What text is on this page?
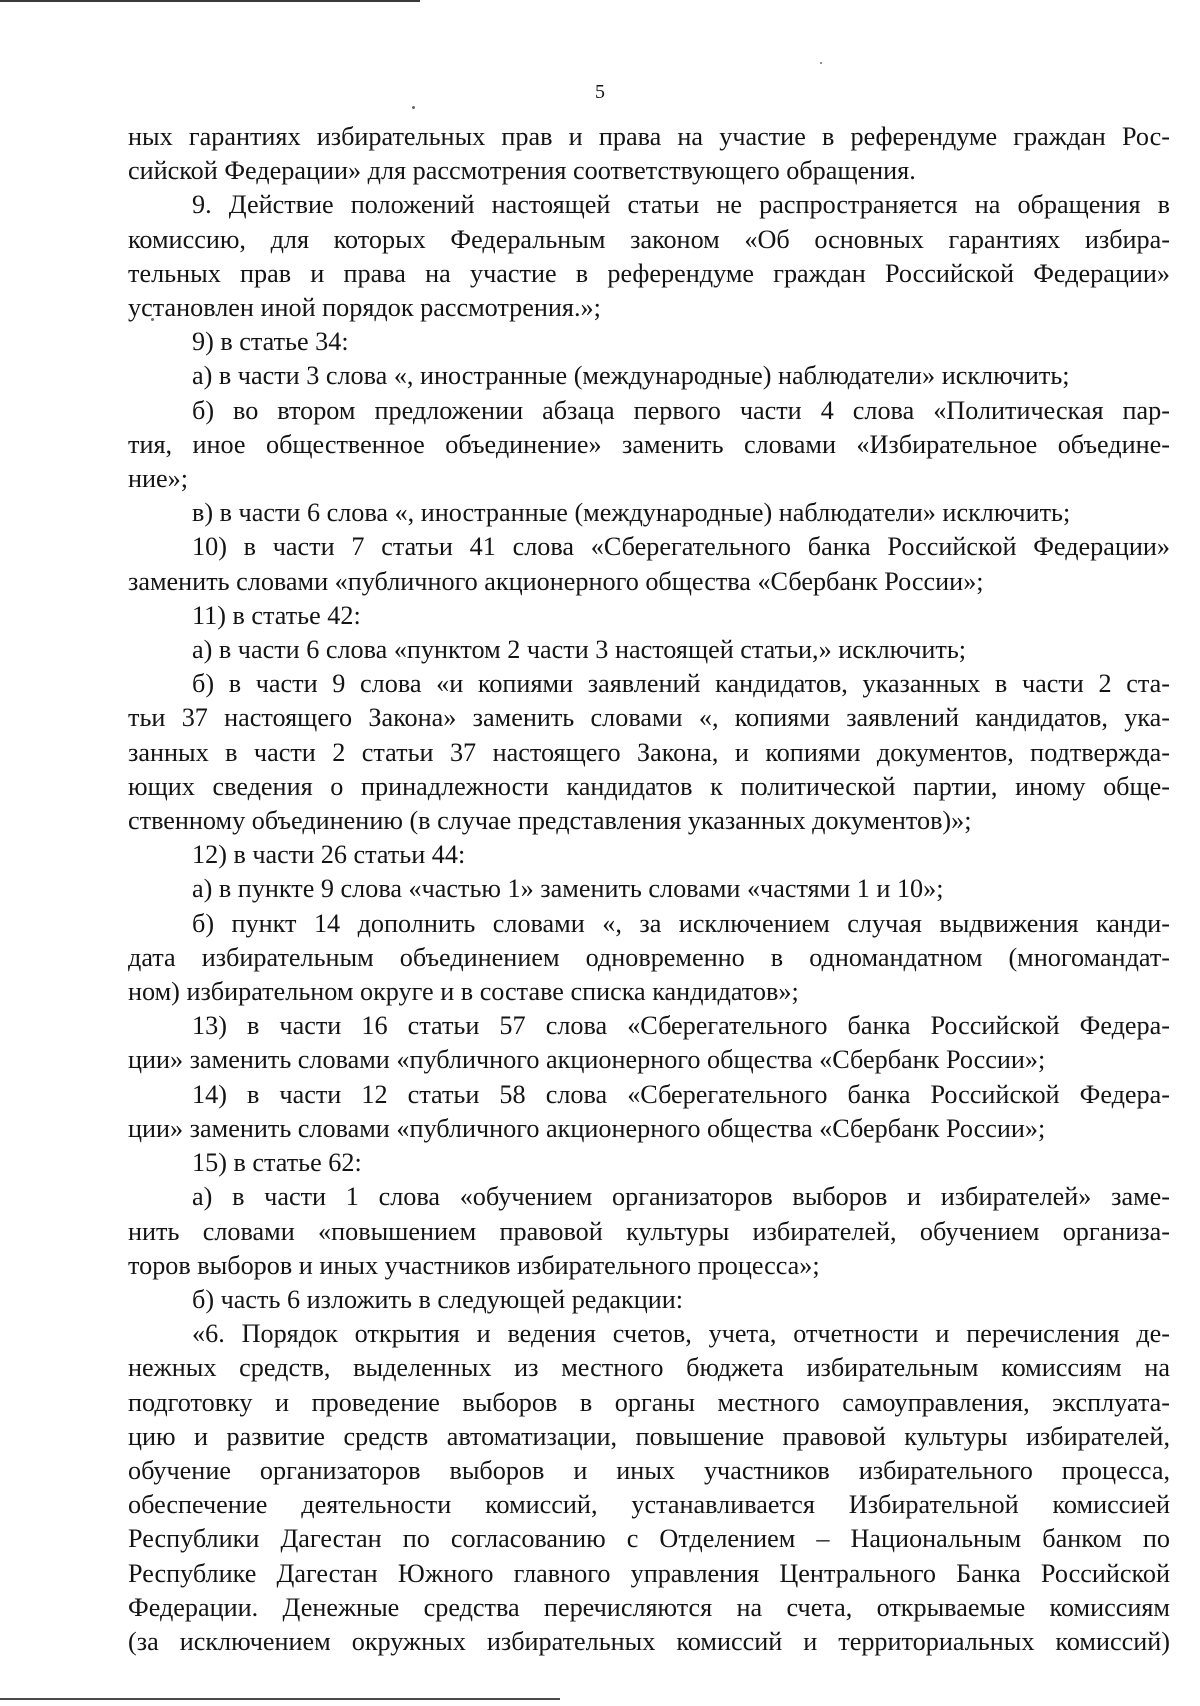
5

ных гарантиях избирательных прав и права на участие в референдуме граждан Рос-

сийской Федерации» для рассмотрения соответствующего обращения.

9. Действие положений настоящей статьи не распространяется на обращения в

комиссию, для которых Федеральным законом «Об основных гарантиях избира-

тельных прав и права на участие в референдуме граждан Российской Федерации»

установлен иной порядок рассмотрения.»;

9) в статье 34:

а) в части 3 слова «, иностранные (международные) наблюдатели» исключить;

б) во втором предложении абзаца первого части 4 слова «Политическая пар-

тия, иное общественное объединение» заменить словами «Избирательное объедине-

ние»;

в) в части 6 слова «, иностранные (международные) наблюдатели» исключить;

10) в части 7 статьи 41 слова «Сберегательного банка Российской Федерации»

заменить словами «публичного акционерного общества «Сбербанк России»;

11) в статье 42:

а) в части 6 слова «пунктом 2 части 3 настоящей статьи,» исключить;

б) в части 9 слова «и копиями заявлений кандидатов, указанных в части 2 ста-

тьи 37 настоящего Закона» заменить словами «, копиями заявлений кандидатов, ука-

занных в части 2 статьи 37 настоящего Закона, и копиями документов, подтвержда-

ющих сведения о принадлежности кандидатов к политической партии, иному обще-

ственному объединению (в случае представления указанных документов)»;

12) в части 26 статьи 44:

а) в пункте 9 слова «частью 1» заменить словами «частями 1 и 10»;

б) пункт 14 дополнить словами «, за исключением случая выдвижения канди-

дата избирательным объединением одновременно в одномандатном (многомандат-

ном) избирательном округе и в составе списка кандидатов»;

13) в части 16 статьи 57 слова «Сберегательного банка Российской Федера-

ции» заменить словами «публичного акционерного общества «Сбербанк России»;

14) в части 12 статьи 58 слова «Сберегательного банка Российской Федера-

ции» заменить словами «публичного акционерного общества «Сбербанк России»;

15) в статье 62:

а) в части 1 слова «обучением организаторов выборов и избирателей» заме-

нить словами «повышением правовой культуры избирателей, обучением организа-

торов выборов и иных участников избирательного процесса»;

б) часть 6 изложить в следующей редакции:

«6. Порядок открытия и ведения счетов, учета, отчетности и перечисления де-

нежных средств, выделенных из местного бюджета избирательным комиссиям на

подготовку и проведение выборов в органы местного самоуправления, эксплуата-

цию и развитие средств автоматизации, повышение правовой культуры избирателей,

обучение организаторов выборов и иных участников избирательного процесса,

обеспечение деятельности комиссий, устанавливается Избирательной комиссией

Республики Дагестан по согласованию с Отделением – Национальным банком по

Республике Дагестан Южного главного управления Центрального Банка Российской

Федерации. Денежные средства перечисляются на счета, открываемые комиссиям

(за исключением окружных избирательных комиссий и территориальных комиссий)
